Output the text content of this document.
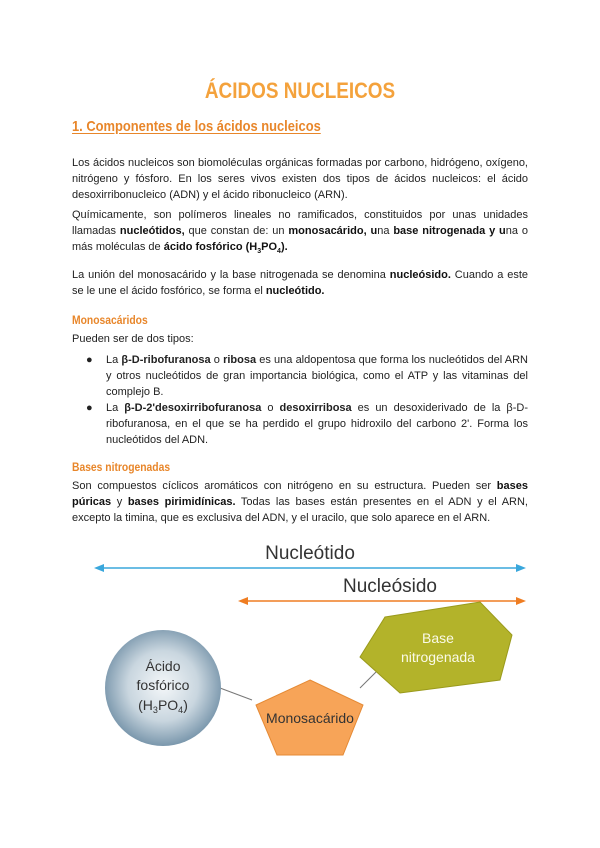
ÁCIDOS NUCLEICOS
1. Componentes de los ácidos nucleicos
Los ácidos nucleicos son biomoléculas orgánicas formadas por carbono, hidrógeno, oxígeno, nitrógeno y fósforo. En los seres vivos existen dos tipos de ácidos nucleicos: el ácido desoxirribonucleico (ADN) y el ácido ribonucleico (ARN).
Químicamente, son polímeros lineales no ramificados, constituidos por unas unidades llamadas nucleótidos, que constan de: un monosacárido, una base nitrogenada y una o más moléculas de ácido fosfórico $(H_3PO_4)$.
La unión del monosacárido y la base nitrogenada se denomina nucleósido. Cuando a este se le une el ácido fosfórico, se forma el nucleótido.
Monosacáridos
Pueden ser de dos tipos:
● La β-D-ribofuranosa o ribosa es una aldopentosa que forma los nucleótidos del ARN y otros nucleótidos de gran importancia biológica, como el ATP y las vitaminas del complejo B.
● La β-D-2'desoxirribofuranosa o desoxirribosa es un desoxiderivado de la β-D-ribofuranosa, en el que se ha perdido el grupo hidroxilo del carbono 2'. Forma los nucleótidos del ADN.
Bases nitrogenadas
Son compuestos cíclicos aromáticos con nitrógeno en su estructura. Pueden ser bases púricas y bases pirimidínicas. Todas las bases están presentes en el ADN y el ARN, excepto la timina, que es exclusiva del ADN, y el uracilo, que solo aparece en el ARN.
Nucleótido
Nucleósido
Ácido
fosfórico
$(H_3PO_4)$
Monosacárido
Base
nitrogenada
